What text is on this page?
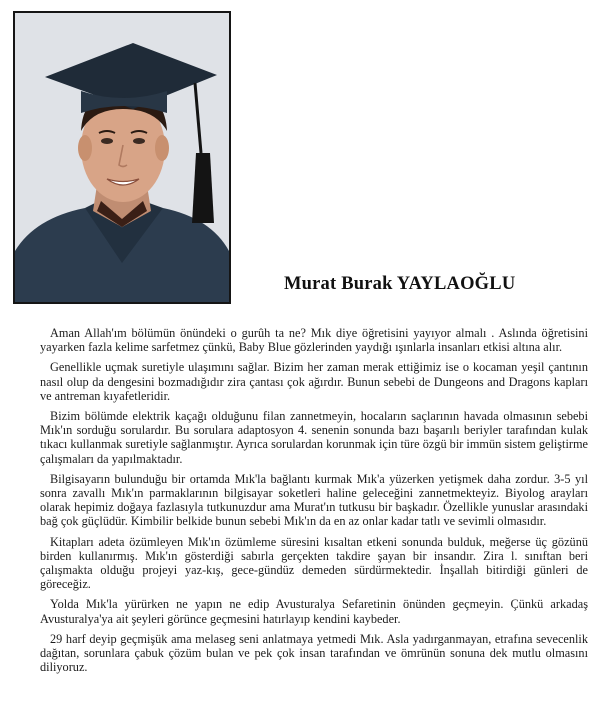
Murat Burak YAYLAOĞLU

Aman Allah'ım bölümün önündeki o gurûh ta ne? Mık diye öğretisini yayıyor almalı . Aslında öğretisini yayarken fazla kelime sarfetmez çünkü, Baby Blue gözlerinden yaydığı ışınlarla insanları etkisi altına alır.

Genellikle uçmak suretiyle ulaşımını sağlar. Bizim her zaman merak ettiğimiz ise o kocaman yeşil çantının nasıl olup da dengesini bozmadığıdır zira çantası çok ağırdır. Bunun sebebi de Dungeons and Dragons kapları ve antreman kıyafetleridir.

Bizim bölümde elektrik kaçağı olduğunu filan zannetmeyin, hocaların saçlarının havada olmasının sebebi Mık'ın sorduğu sorulardır. Bu sorulara adaptosyon 4. senenin sonunda bazı başarılı beriyler tarafından kulak tıkacı kullanmak suretiyle sağlanmıştır. Ayrıca sorulardan korunmak için türe özgü bir immün sistem geliştirme çalışmaları da yapılmaktadır.

Bilgisayarın bulunduğu bir ortamda Mık'la bağlantı kurmak Mık'a yüzerken yetişmek daha zordur. 3-5 yıl sonra zavallı Mık'ın parmaklarının bilgisayar soketleri haline geleceğini zannetmekteyiz. Biyolog arayları olarak hepimiz doğaya fazlasıyla tutkunuzdur ama Murat'ın tutkusu bir başkadır. Özellikle yunuslar arasındaki bağ çok güçlüdür. Kimbilir belkide bunun sebebi Mık'ın da en az onlar kadar tatlı ve sevimli olmasıdır.

Kitapları adeta özümleyen Mık'ın özümleme süresini kısaltan etkeni sonunda bulduk, meğerse üç gözünü birden kullanırmış. Mık'ın gösterdiği sabırla gerçekten takdire şayan bir insandır. Zira l. sınıftan beri çalışmakta olduğu projeyi yaz-kış, gece-gündüz demeden sürdürmektedir. İnşallah bitirdiği günleri de göreceğiz.

Yolda Mık'la yürürken ne yapın ne edip Avusturalya Sefaretinin önünden geçmeyin. Çünkü arkadaş Avusturalya'ya ait şeyleri görünce geçmesini hatırlayıp kendini kaybeder.

29 harf deyip geçmişük ama melaseg seni anlatmaya yetmedi Mık. Asla yadırganmayan, etrafına sevecenlik dağıtan, sorunlara çabuk çözüm bulan ve pek çok insan tarafından ve ömrünün sonuna dek mutlu olmasını diliyoruz.
